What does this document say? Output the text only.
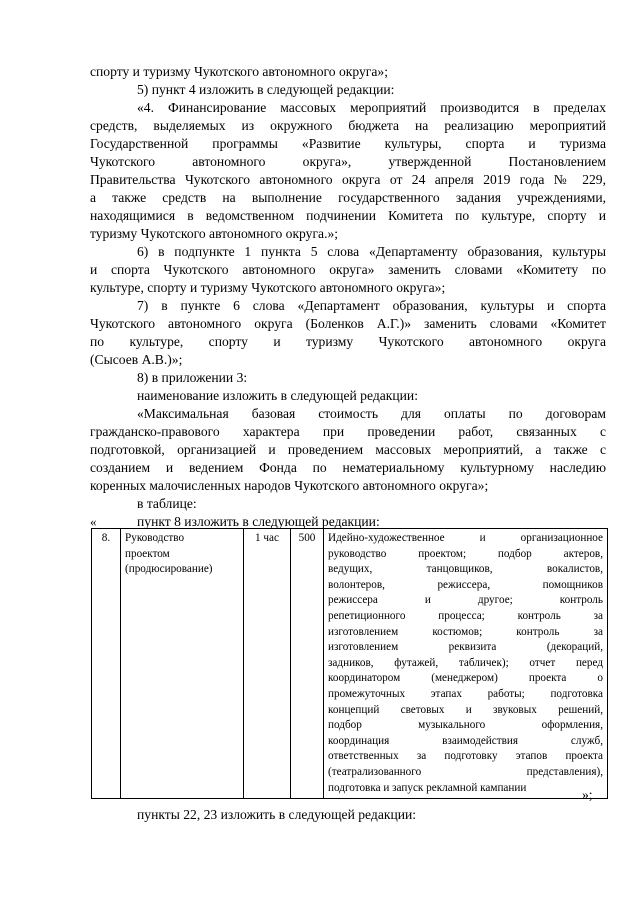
спорту и туризму Чукотского автономного округа»;
5) пункт 4 изложить в следующей редакции:
«4. Финансирование массовых мероприятий производится в пределах
средств, выделяемых из окружного бюджета на реализацию мероприятий
Государственной программы «Развитие культуры, спорта и туризма
Чукотского автономного округа», утвержденной Постановлением
Правительства Чукотского автономного округа от 24 апреля 2019 года № 229,
а также средств на выполнение государственного задания учреждениями,
находящимися в ведомственном подчинении Комитета по культуре, спорту и
туризму Чукотского автономного округа.»;
6) в подпункте 1 пункта 5 слова «Департаменту образования, культуры
и спорта Чукотского автономного округа» заменить словами «Комитету по
культуре, спорту и туризму Чукотского автономного округа»;
7) в пункте 6 слова «Департамент образования, культуры и спорта
Чукотского автономного округа (Боленков А.Г.)» заменить словами «Комитет
по культуре, спорту и туризму Чукотского автономного округа
(Сысоев А.В.)»;
8) в приложении 3:
наименование изложить в следующей редакции:
«Максимальная базовая стоимость для оплаты по договорам
гражданско-правового характера при проведении работ, связанных с
подготовкой, организацией и проведением массовых мероприятий, а также с
созданием и ведением Фонда по нематериальному культурному наследию
коренных малочисленных народов Чукотского автономного округа»;
в таблице:
пункт 8 изложить в следующей редакции:
«
8.	Руководство
проектом
(продюсирование)
	1 час	500	Идейно-художественное и организационное
руководство проектом; подбор актеров,
ведущих, танцовщиков, вокалистов,
волонтеров, режиссера, помощников
режиссера и другое; контроль
репетиционного процесса; контроль за
изготовлением костюмов; контроль за
изготовлением реквизита (декораций,
задников, футажей, табличек); отчет перед
координатором (менеджером) проекта о
промежуточных этапах работы; подготовка
концепций световых и звуковых решений,
подбор музыкального оформления,
координация взаимодействия служб,
ответственных за подготовку этапов проекта
(театрализованного представления),
подготовка и запуск рекламной кампании	»;
пункты 22, 23 изложить в следующей редакции:
